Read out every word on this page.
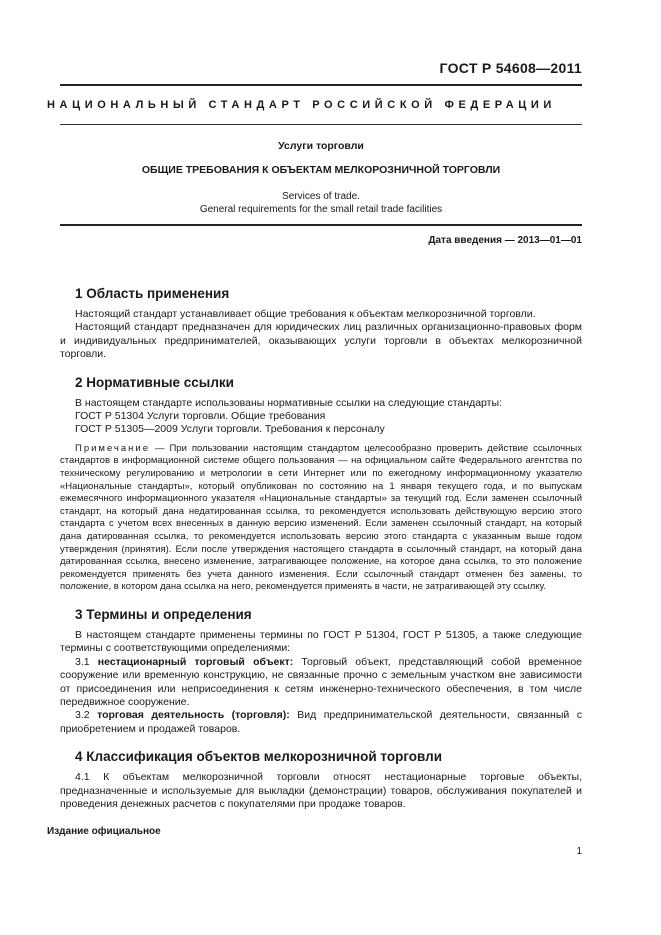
ГОСТ Р 54608—2011
НАЦИОНАЛЬНЫЙ СТАНДАРТ РОССИЙСКОЙ ФЕДЕРАЦИИ
Услуги торговли
ОБЩИЕ ТРЕБОВАНИЯ К ОБЪЕКТАМ МЕЛКОРОЗНИЧНОЙ ТОРГОВЛИ
Services of trade.
General requirements for the small retail trade facilities
Дата введения — 2013—01—01
1 Область применения

Настоящий стандарт устанавливает общие требования к объектам мелкорозничной торговли.

Настоящий стандарт предназначен для юридических лиц различных организационно-правовых форм и индивидуальных предпринимателей, оказывающих услуги торговли в объектах мелкорозничной торговли.

2 Нормативные ссылки

В настоящем стандарте использованы нормативные ссылки на следующие стандарты:

ГОСТ Р 51304 Услуги торговли. Общие требования

ГОСТ Р 51305—2009 Услуги торговли. Требования к персоналу

Примечание — При пользовании настоящим стандартом целесообразно проверить действие ссылочных стандартов в информационной системе общего пользования — на официальном сайте Федерального агентства по техническому регулированию и метрологии в сети Интернет или по ежегодному информационному указателю «Национальные стандарты», который опубликован по состоянию на 1 января текущего года, и по выпускам ежемесячного информационного указателя «Национальные стандарты» за текущий год. Если заменен ссылочный стандарт, на который дана недатированная ссылка, то рекомендуется использовать действующую версию этого стандарта с учетом всех внесенных в данную версию изменений. Если заменен ссылочный стандарт, на который дана датированная ссылка, то рекомендуется использовать версию этого стандарта с указанным выше годом утверждения (принятия). Если после утверждения настоящего стандарта в ссылочный стандарт, на который дана датированная ссылка, внесено изменение, затрагивающее положение, на которое дана ссылка, то это положение рекомендуется применять без учета данного изменения. Если ссылочный стандарт отменен без замены, то положение, в котором дана ссылка на него, рекомендуется применять в части, не затрагивающей эту ссылку.

3 Термины и определения

В настоящем стандарте применены термины по ГОСТ Р 51304, ГОСТ Р 51305, а также следующие термины с соответствующими определениями:

3.1 нестационарный торговый объект: Торговый объект, представляющий собой временное сооружение или временную конструкцию, не связанные прочно с земельным участком вне зависимости от присоединения или неприсоединения к сетям инженерно-технического обеспечения, в том числе передвижное сооружение.

3.2 торговая деятельность (торговля): Вид предпринимательской деятельности, связанный с приобретением и продажей товаров.

4 Классификация объектов мелкорозничной торговли

4.1 К объектам мелкорозничной торговли относят нестационарные торговые объекты, предназначенные и используемые для выкладки (демонстрации) товаров, обслуживания покупателей и проведения денежных расчетов с покупателями при продаже товаров.

Издание официальное
1
